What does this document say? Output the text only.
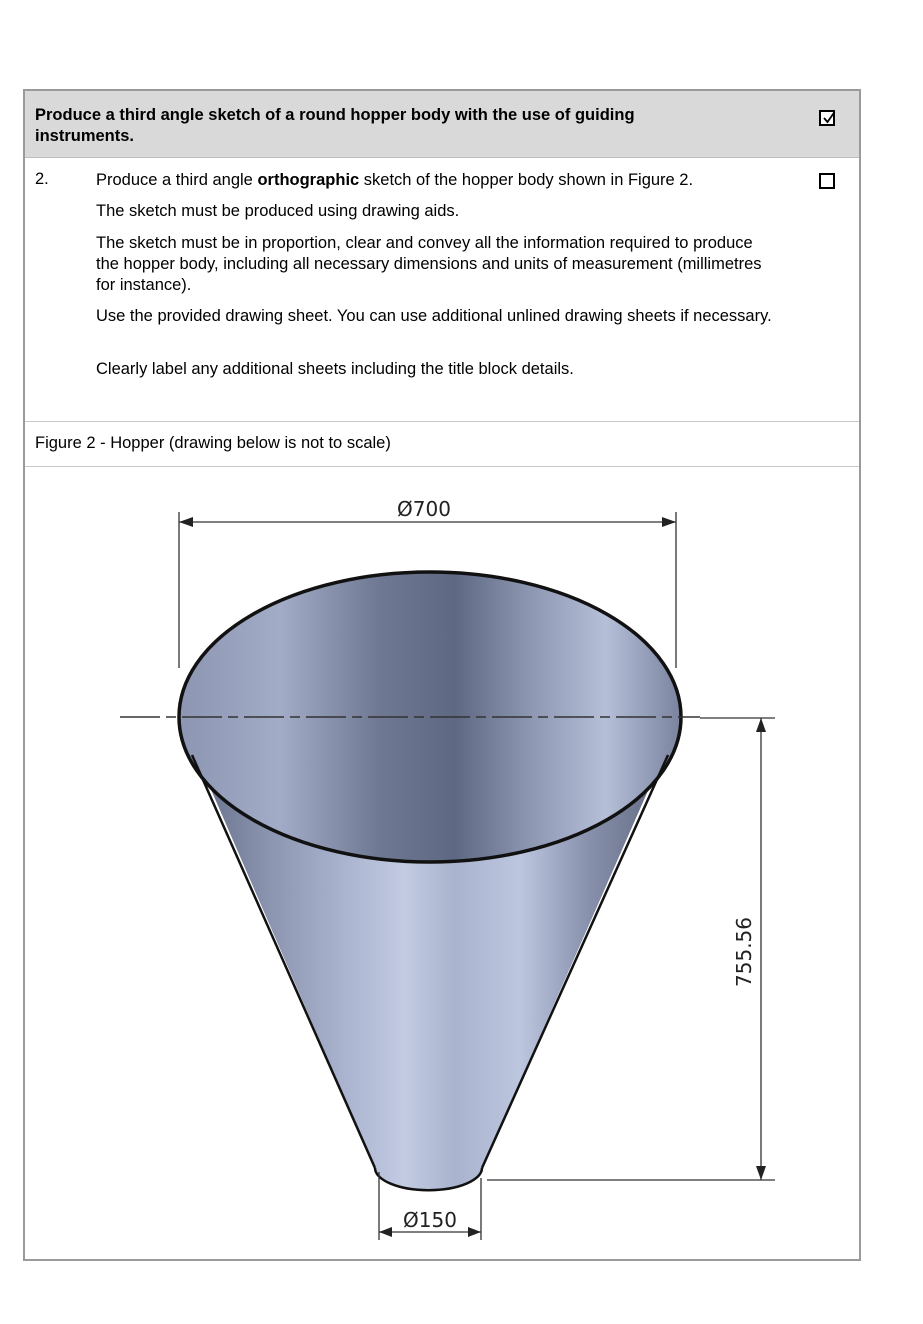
Produce a third angle sketch of a round hopper body with the use of guiding instruments.
2.	Produce a third angle orthographic sketch of the hopper body shown in Figure 2.
The sketch must be produced using drawing aids.
The sketch must be in proportion, clear and convey all the information required to produce the hopper body, including all necessary dimensions and units of measurement (millimetres for instance).
Use the provided drawing sheet. You can use additional unlined drawing sheets if necessary.
Clearly label any additional sheets including the title block details.
Figure 2 - Hopper (drawing below is not to scale)
Ø700
755.56
Ø150
